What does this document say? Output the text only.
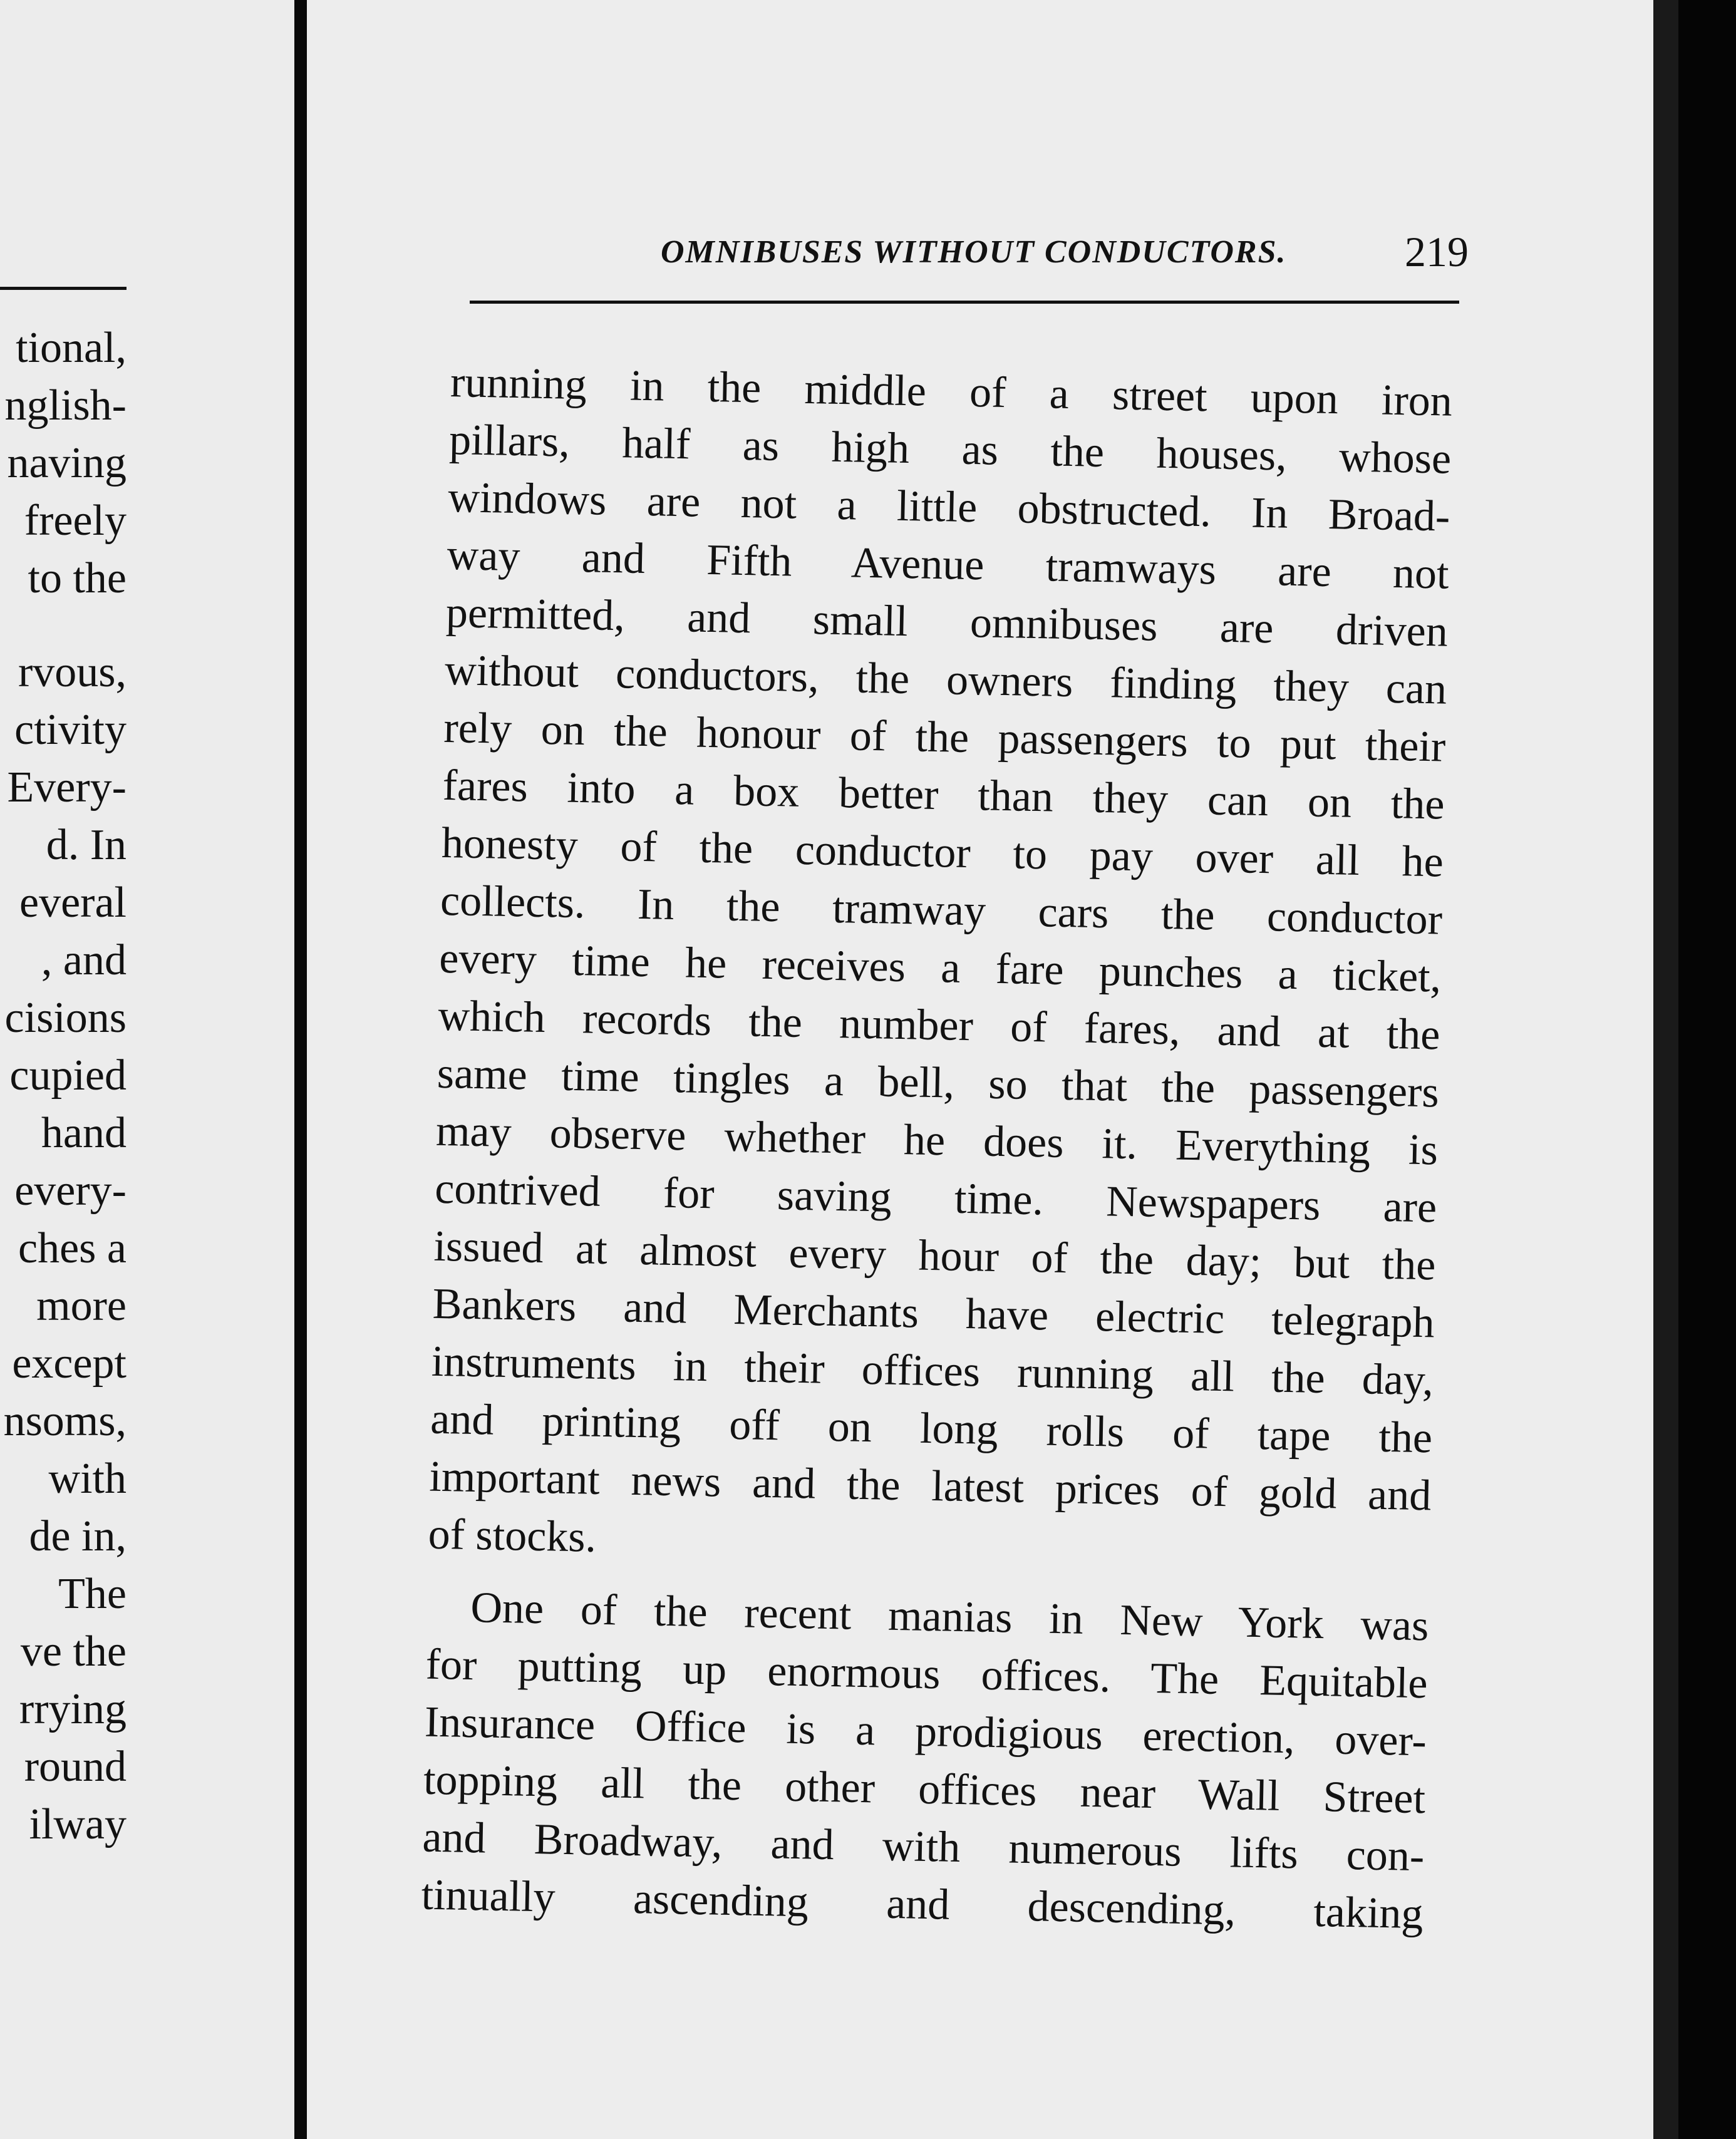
tional,
nglish-
naving
freely
to the
rvous,
ctivity
Every-
d. In
everal
, and
cisions
cupied
hand
every-
ches a
more
except
nsoms,
with
de in,
The
ve the
rrying
round
ilway
OMNIBUSES WITHOUT CONDUCTORS.	219
running in the middle of a street upon iron
pillars, half as high as the houses, whose
windows are not a little obstructed. In Broad-
way and Fifth Avenue tramways are not
permitted, and small omnibuses are driven
without conductors, the owners finding they can
rely on the honour of the passengers to put their
fares into a box better than they can on the
honesty of the conductor to pay over all he
collects. In the tramway cars the conductor
every time he receives a fare punches a ticket,
which records the number of fares, and at the
same time tingles a bell, so that the passengers
may observe whether he does it. Everything is
contrived for saving time. Newspapers are
issued at almost every hour of the day; but the
Bankers and Merchants have electric telegraph
instruments in their offices running all the day,
and printing off on long rolls of tape the
important news and the latest prices of gold and
of stocks.
One of the recent manias in New York was
for putting up enormous offices. The Equitable
Insurance Office is a prodigious erection, over-
topping all the other offices near Wall Street
and Broadway, and with numerous lifts con-
tinually ascending and descending, taking
